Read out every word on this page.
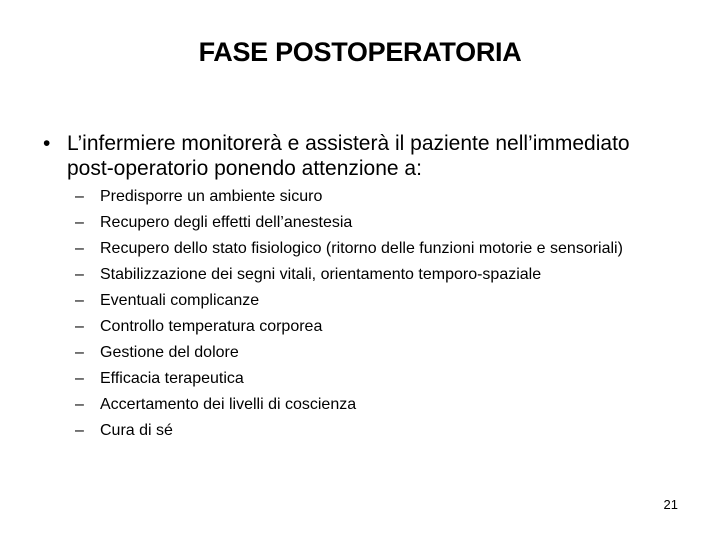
FASE POSTOPERATORIA
• L’infermiere monitorerà e assisterà il paziente nell’immediato post-operatorio ponendo attenzione a:
– Predisporre un ambiente sicuro
– Recupero degli effetti dell’anestesia
– Recupero dello stato fisiologico (ritorno delle funzioni motorie e sensoriali)
– Stabilizzazione dei segni vitali, orientamento temporo-spaziale
– Eventuali complicanze
– Controllo temperatura corporea
– Gestione del dolore
– Efficacia terapeutica
– Accertamento dei livelli di coscienza
– Cura di sé
21
